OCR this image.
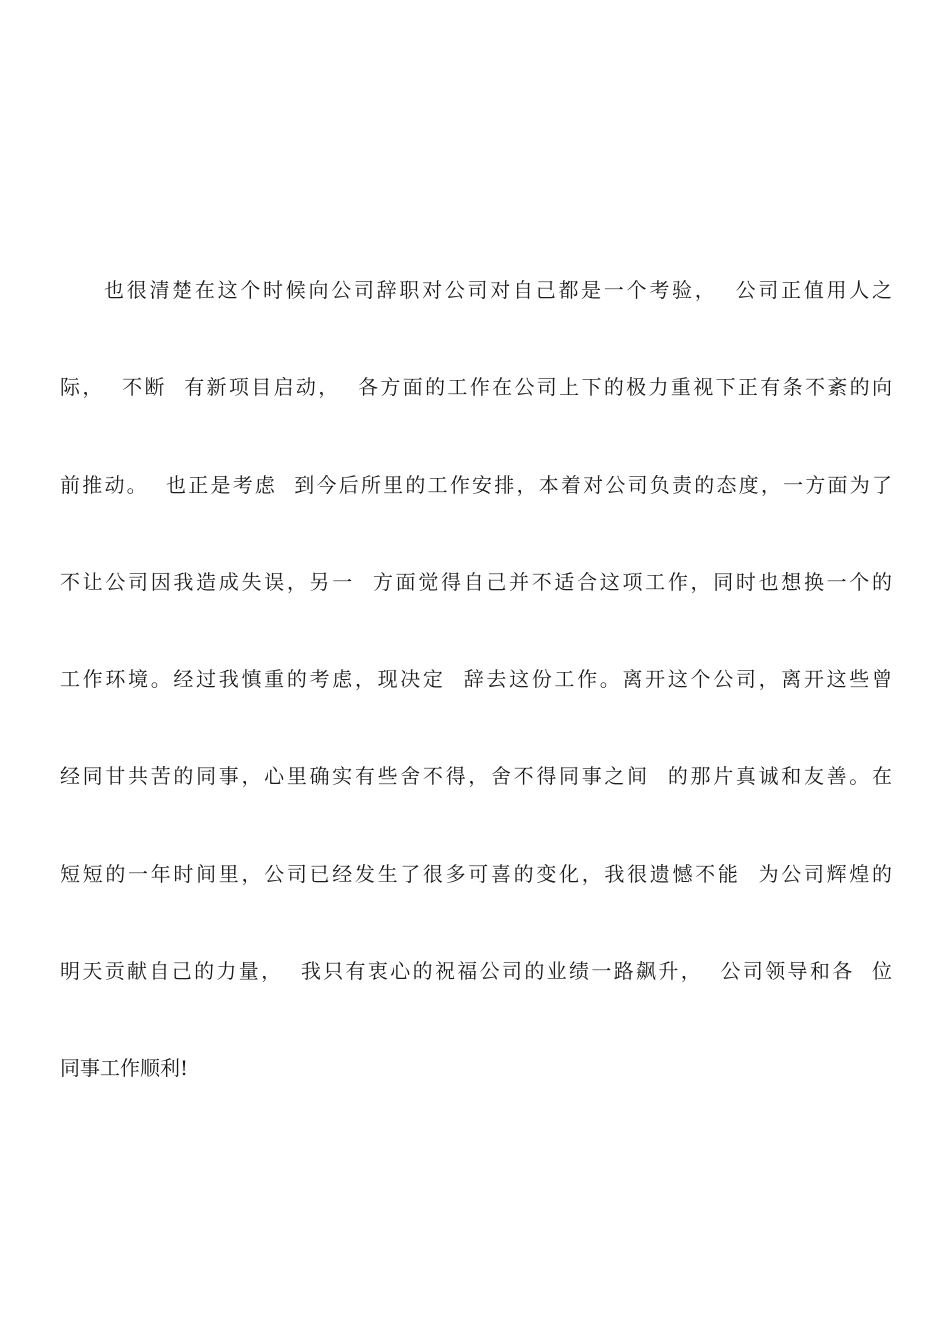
也很清楚在这个时候向公司辞职对公司对自己都是一个考验，  公司正值用人之
际，  不断  有新项目启动，  各方面的工作在公司上下的极力重视下正有条不紊的向
前推动。  也正是考虑  到今后所里的工作安排，本着对公司负责的态度，一方面为了
不让公司因我造成失误，另一  方面觉得自己并不适合这项工作，同时也想换一个的
工作环境。经过我慎重的考虑，现决定  辞去这份工作。离开这个公司，离开这些曾
经同甘共苦的同事，心里确实有些舍不得，舍不得同事之间  的那片真诚和友善。在
短短的一年时间里，公司已经发生了很多可喜的变化，我很遗憾不能  为公司辉煌的
明天贡献自己的力量，  我只有衷心的祝福公司的业绩一路飙升，  公司领导和各  位
同事工作顺利!
